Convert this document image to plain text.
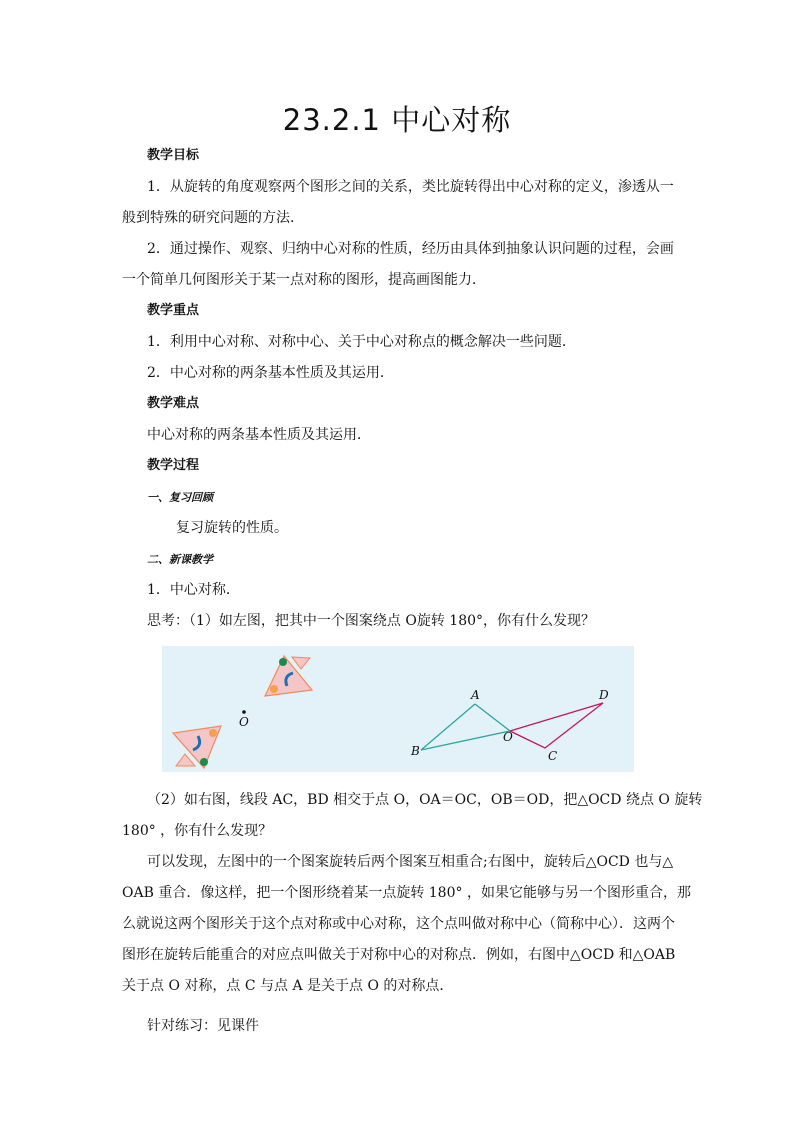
23.2.1 中心对称
教学目标
1．从旋转的角度观察两个图形之间的关系，类比旋转得出中心对称的定义，渗透从一
般到特殊的研究问题的方法．
2．通过操作、观察、归纳中心对称的性质，经历由具体到抽象认识问题的过程，会画
一个简单几何图形关于某一点对称的图形，提高画图能力．
教学重点
1．利用中心对称、对称中心、关于中心对称点的概念解决一些问题．
2．中心对称的两条基本性质及其运用．
教学难点
中心对称的两条基本性质及其运用．
教学过程
一、复习回顾
复习旋转的性质。
二、新课教学
1．中心对称．
思考：（1）如左图，把其中一个图案绕点 O旋转 180°，你有什么发现？
O
A
B
O
C
D
（2）如右图，线段 AC，BD 相交于点 O，OA＝OC，OB＝OD，把△OCD 绕点 O 旋转
180° ，你有什么发现？
可以发现，左图中的一个图案旋转后两个图案互相重合;右图中，旋转后△OCD 也与△
OAB 重合．像这样，把一个图形绕着某一点旋转 180° ，如果它能够与另一个图形重合，那
么就说这两个图形关于这个点对称或中心对称，这个点叫做对称中心（简称中心）．这两个
图形在旋转后能重合的对应点叫做关于对称中心的对称点．例如，右图中△OCD 和△OAB
关于点 O 对称，点 C 与点 A 是关于点 O 的对称点．
针对练习：见课件
